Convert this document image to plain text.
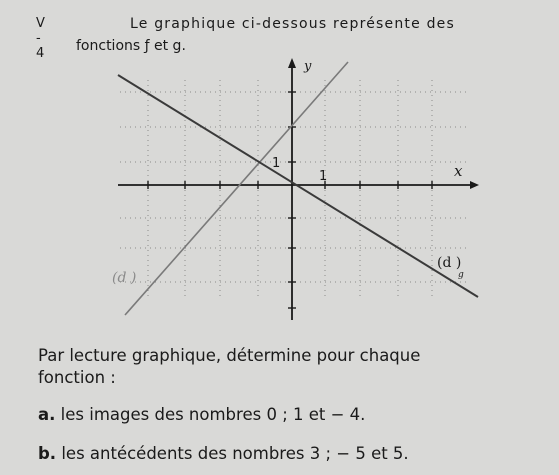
V - 4
Le graphique ci-dessous représente des
fonctions ƒ et g.
y
x
1
1
(d )
(d )
g
Par lecture graphique, détermine pour chaque
fonction :
a. les images des nombres 0 ; 1 et − 4.
b. les antécédents des nombres 3 ; − 5 et 5.
